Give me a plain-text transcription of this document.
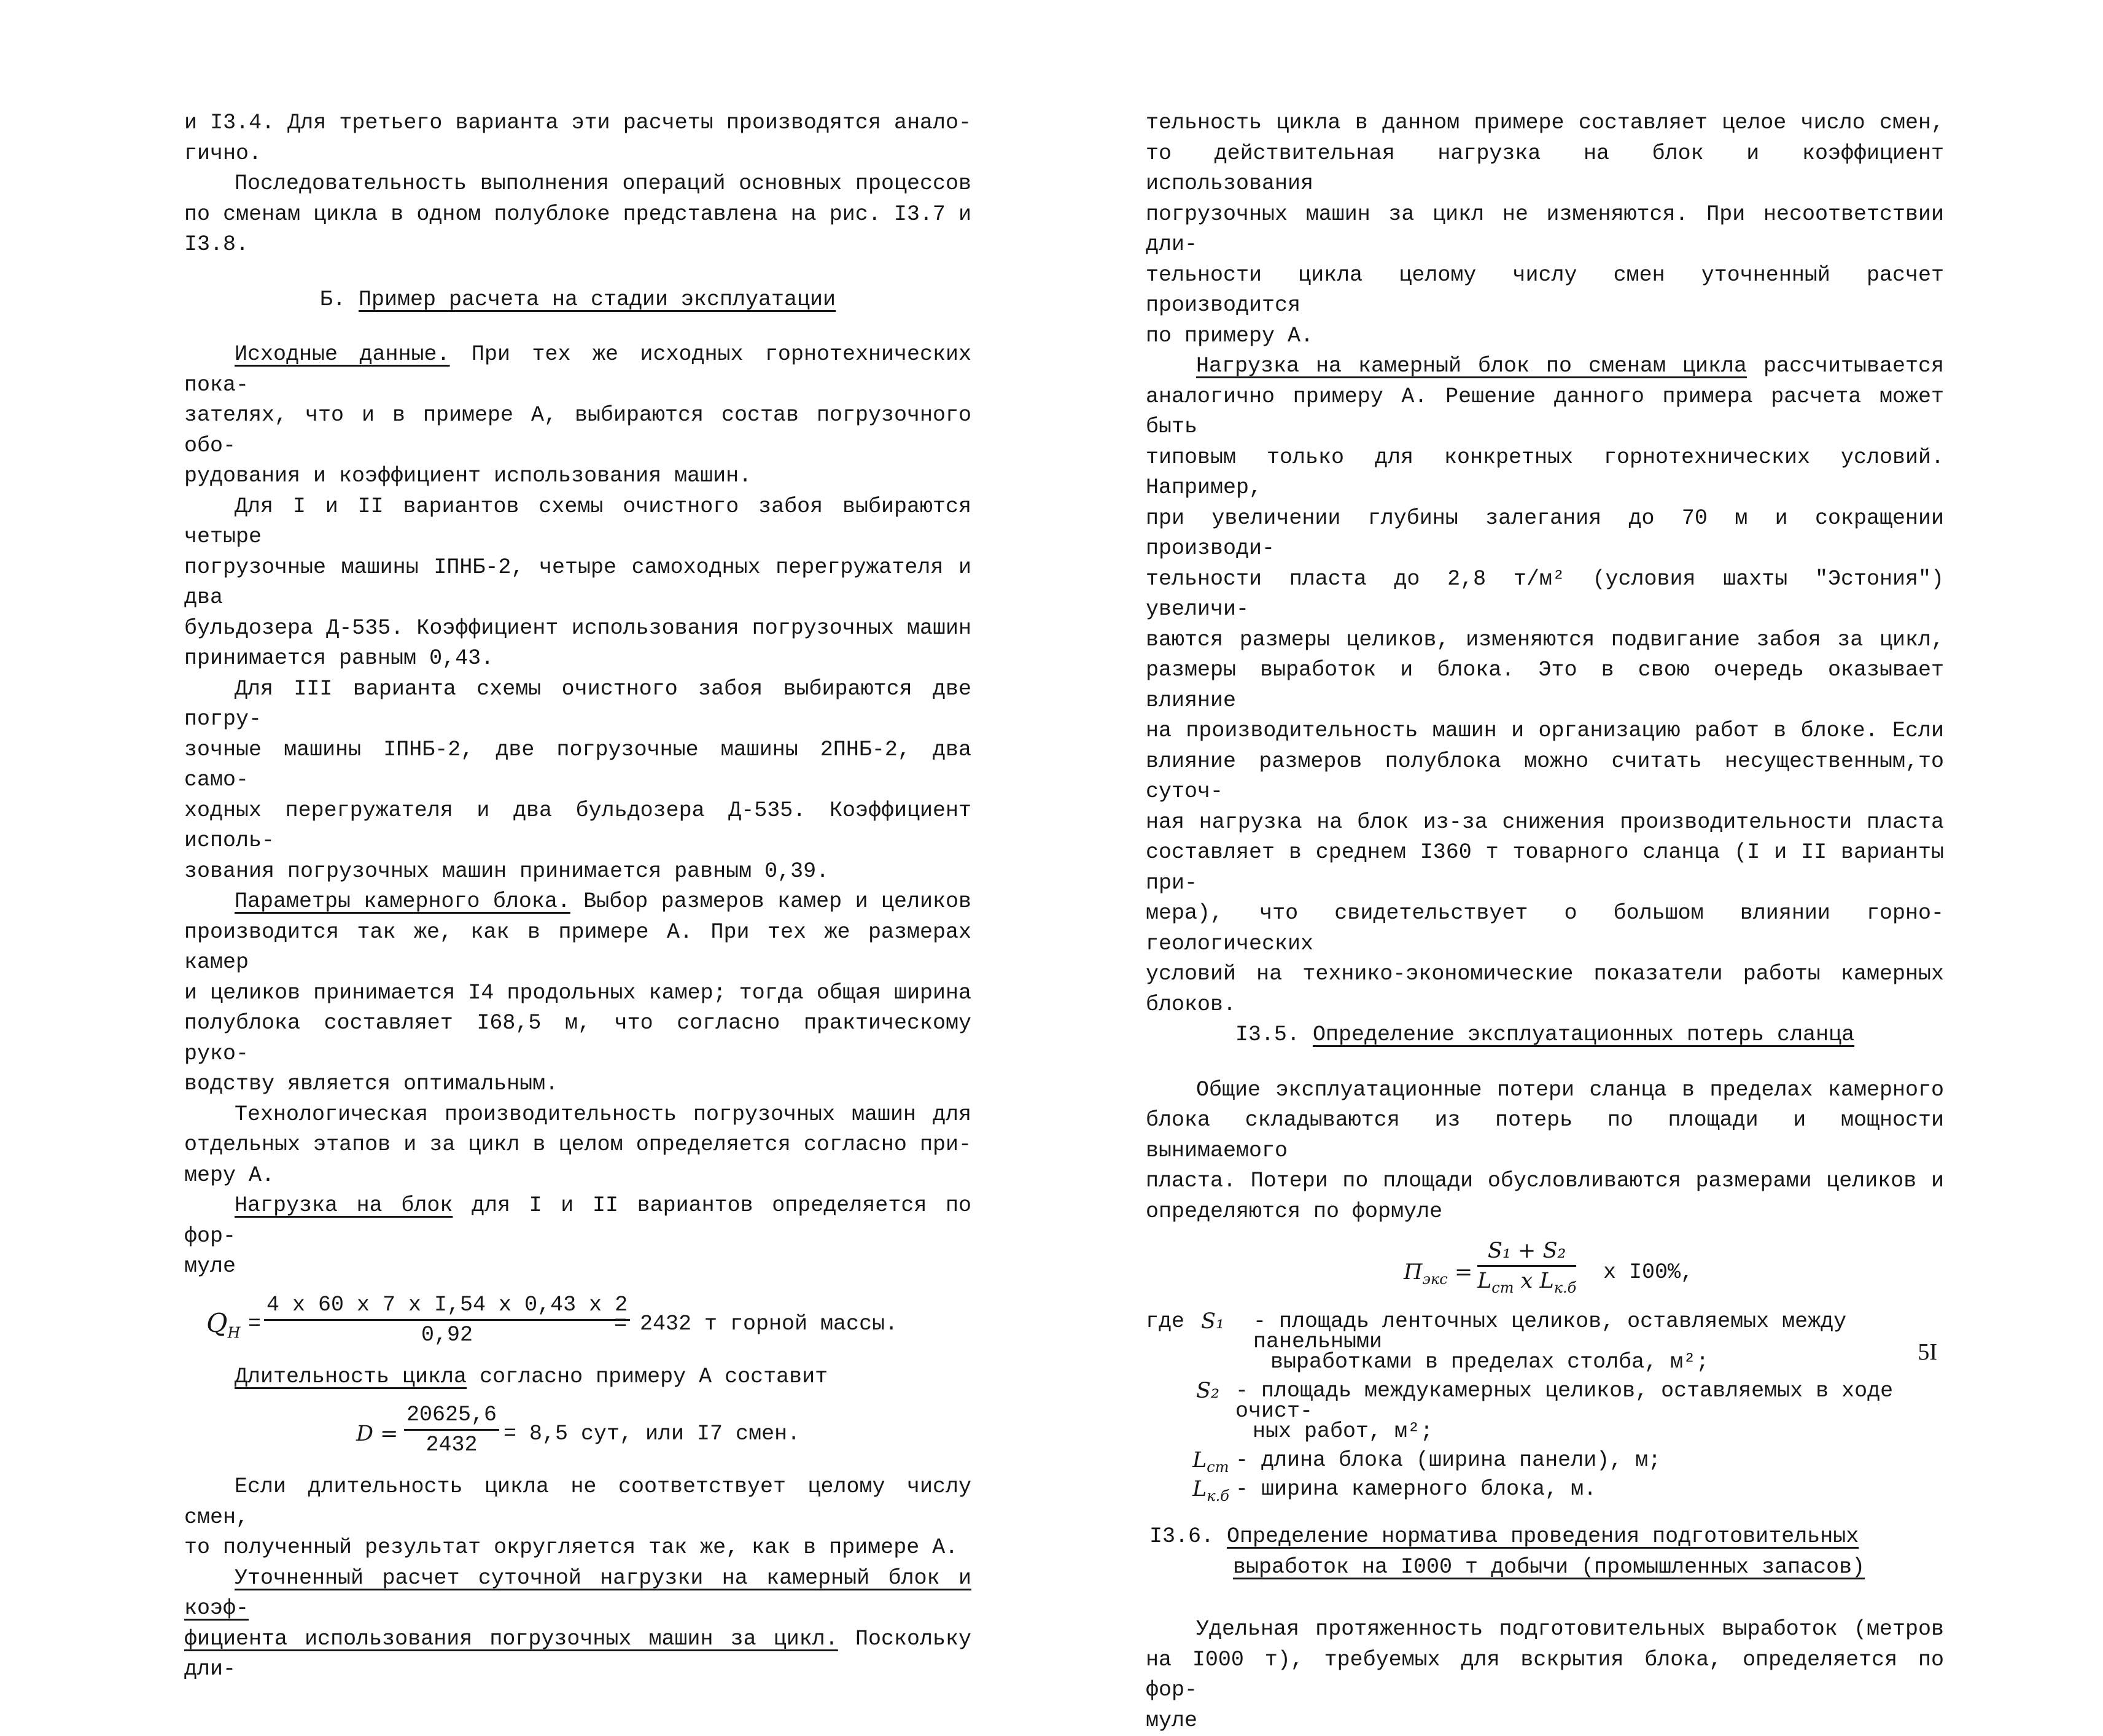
и I3.4. Для третьего варианта эти расчеты производятся анало-

гично.

Последовательность выполнения операций основных процессов

по сменам цикла в одном полублоке представлена на рис. I3.7 и

I3.8.

Б. Пример расчета на стадии эксплуатации

Исходные данные. При тех же исходных горнотехнических пока-

зателях, что и в примере А, выбираются состав погрузочного обо-

рудования и коэффициент использования машин.

Для I и II вариантов схемы очистного забоя выбираются четыре

погрузочные машины IПНБ-2, четыре самоходных перегружателя и два

бульдозера Д-535. Коэффициент использования погрузочных машин

принимается равным 0,43.

Для III варианта схемы очистного забоя выбираются две погру-

зочные машины IПНБ-2, две погрузочные машины 2ПНБ-2, два само-

ходных перегружателя и два бульдозера Д-535. Коэффициент исполь-

зования погрузочных машин принимается равным 0,39.

Параметры камерного блока. Выбор размеров камер и целиков

производится так же, как в примере А. При тех же размерах камер

и целиков принимается I4 продольных камер; тогда общая ширина

полублока составляет I68,5 м, что согласно практическому руко-

водству является оптимальным.

Технологическая производительность погрузочных машин для

отдельных этапов и за цикл в целом определяется согласно при-

меру А.

Нагрузка на блок для I и II вариантов определяется по фор-

муле

$Q_H = \frac{\text{4 x 60 x 7 x I,54 x 0,43 x 2}}{0,92}$
= 2432 т горной массы.

Длительность цикла согласно примеру А составит

$D = \frac{20625,6}{2432} = 8,5$ сут, или I7 смен.

Если длительность цикла не соответствует целому числу смен,

то полученный результат округляется так же, как в примере А.

Уточненный расчет суточной нагрузки на камерный блок и коэф-

фициента использования погрузочных машин за цикл. Поскольку дли-

тельность цикла в данном примере составляет целое число смен,

то действительная нагрузка на блок и коэффициент использования

погрузочных машин за цикл не изменяются. При несоответствии дли-

тельности цикла целому числу смен уточненный расчет производится

по примеру А.

Нагрузка на камерный блок по сменам цикла рассчитывается

аналогично примеру А. Решение данного примера расчета может быть

типовым только для конкретных горнотехнических условий. Например,

при увеличении глубины залегания до 70 м и сокращении производи-

тельности пласта до 2,8 т/м² (условия шахты "Эстония") увеличи-

ваются размеры целиков, изменяются подвигание забоя за цикл,

размеры выработок и блока. Это в свою очередь оказывает влияние

на производительность машин и организацию работ в блоке. Если

влияние размеров полублока можно считать несущественным,то суточ-

ная нагрузка на блок из-за снижения производительности пласта

составляет в среднем I360 т товарного сланца (I и II варианты при-

мера), что свидетельствует о большом влиянии горно-геологических

условий на технико-экономические показатели работы камерных

блоков.

I3.5. Определение эксплуатационных потерь сланца

Общие эксплуатационные потери сланца в пределах камерного

блока складываются из потерь по площади и мощности вынимаемого

пласта. Потери по площади обусловливаются размерами целиков и

определяются по формуле

$П_{экс}$ =
S₁ + S₂
$L_{ст}$ x $L_{к.б}$
x I00%,
где S₁ - площадь ленточных целиков, оставляемых между панельными
выработками в пределах столба, м²;
S₂ - площадь междукамерных целиков, оставляемых в ходе очист-
ных работ, м²;
$L_{ст}$ - длина блока (ширина панели), м;
$L_{к.б}$ - ширина камерного блока, м.

I3.6. Определение норматива проведения подготовительных

выработок на I000 т добычи (промышленных запасов)

Удельная протяженность подготовительных выработок (метров

на I000 т), требуемых для вскрытия блока, определяется по фор-

муле

5I
